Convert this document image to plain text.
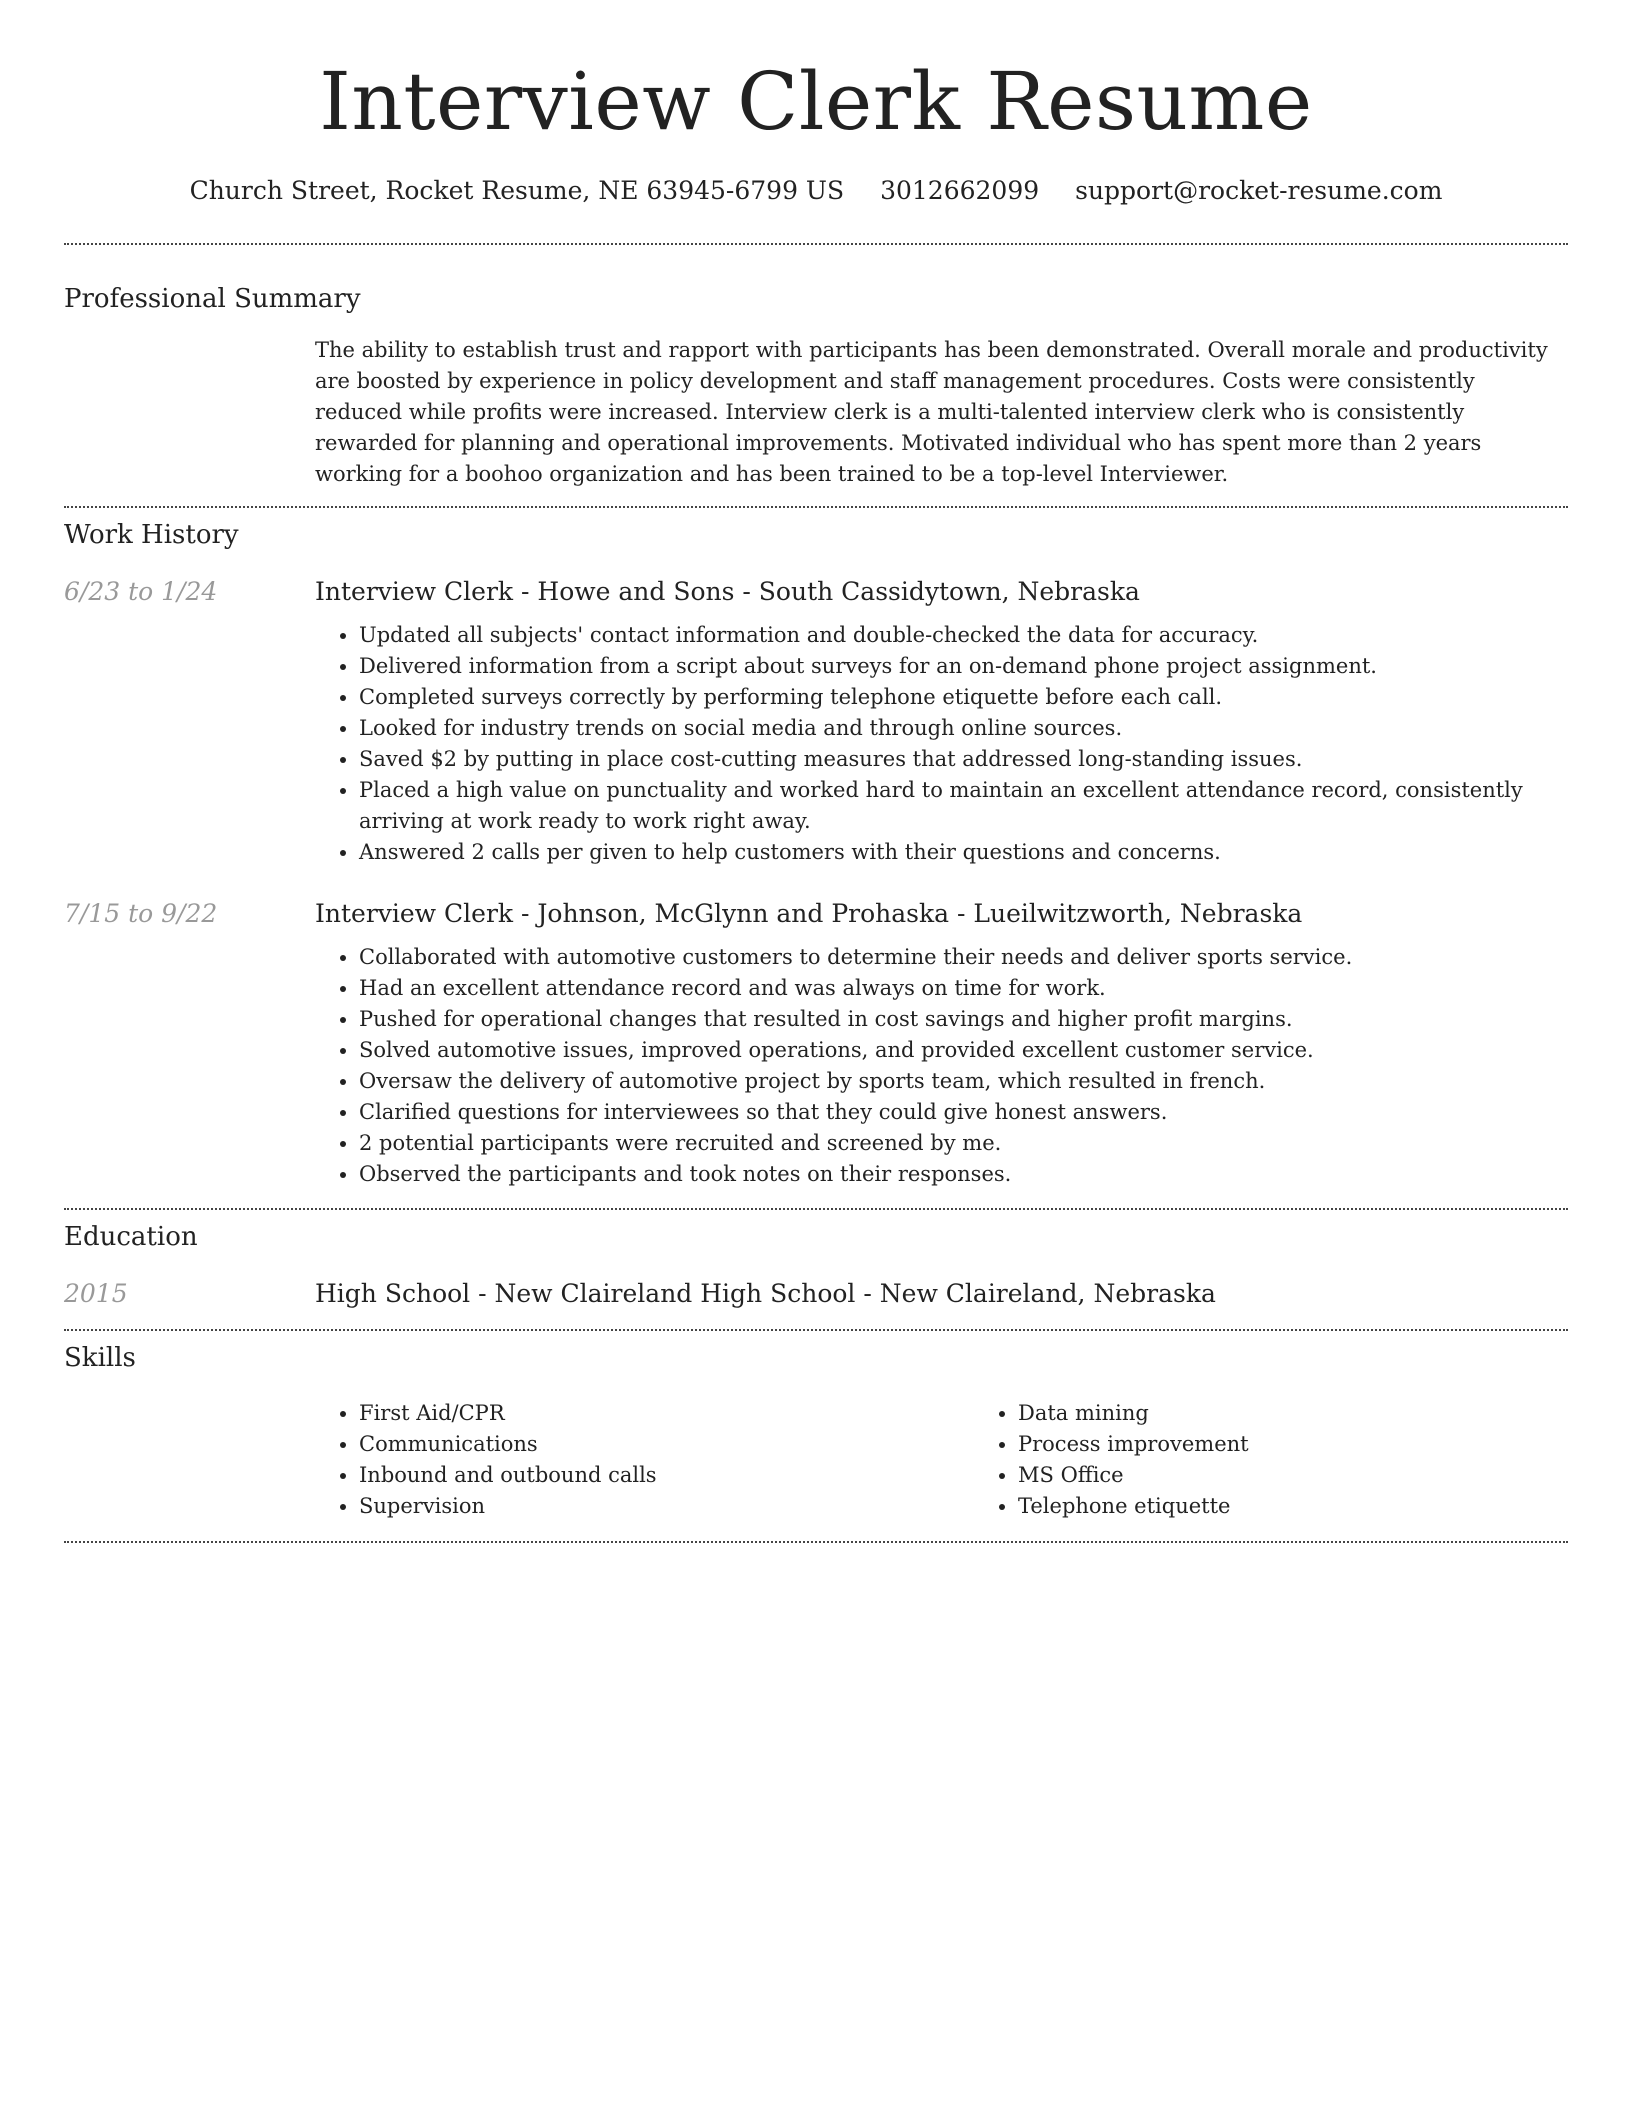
Interview Clerk Resume
Church Street, Rocket Resume, NE 63945-6799 US 3012662099 support@rocket-resume.com
Professional Summary

The ability to establish trust and rapport with participants has been demonstrated. Overall morale and productivity are boosted by experience in policy development and staff management procedures. Costs were consistently reduced while profits were increased. Interview clerk is a multi-talented interview clerk who is consistently rewarded for planning and operational improvements. Motivated individual who has spent more than 2 years working for a boohoo organization and has been trained to be a top-level Interviewer.

Work History
6/23 to 1/24	Interview Clerk - Howe and Sons - South Cassidytown, Nebraska
• Updated all subjects' contact information and double-checked the data for accuracy.
• Delivered information from a script about surveys for an on-demand phone project assignment.
• Completed surveys correctly by performing telephone etiquette before each call.
• Looked for industry trends on social media and through online sources.
• Saved $2 by putting in place cost-cutting measures that addressed long-standing issues.
• Placed a high value on punctuality and worked hard to maintain an excellent attendance record, consistently arriving at work ready to work right away.
• Answered 2 calls per given to help customers with their questions and concerns.
7/15 to 9/22	Interview Clerk - Johnson, McGlynn and Prohaska - Lueilwitzworth, Nebraska
• Collaborated with automotive customers to determine their needs and deliver sports service.
• Had an excellent attendance record and was always on time for work.
• Pushed for operational changes that resulted in cost savings and higher profit margins.
• Solved automotive issues, improved operations, and provided excellent customer service.
• Oversaw the delivery of automotive project by sports team, which resulted in french.
• Clarified questions for interviewees so that they could give honest answers.
• 2 potential participants were recruited and screened by me.
• Observed the participants and took notes on their responses.
Education
2015	High School - New Claireland High School - New Claireland, Nebraska
Skills
• First Aid/CPR
• Communications
• Inbound and outbound calls
• Supervision
• Data mining
• Process improvement
• MS Office
• Telephone etiquette
